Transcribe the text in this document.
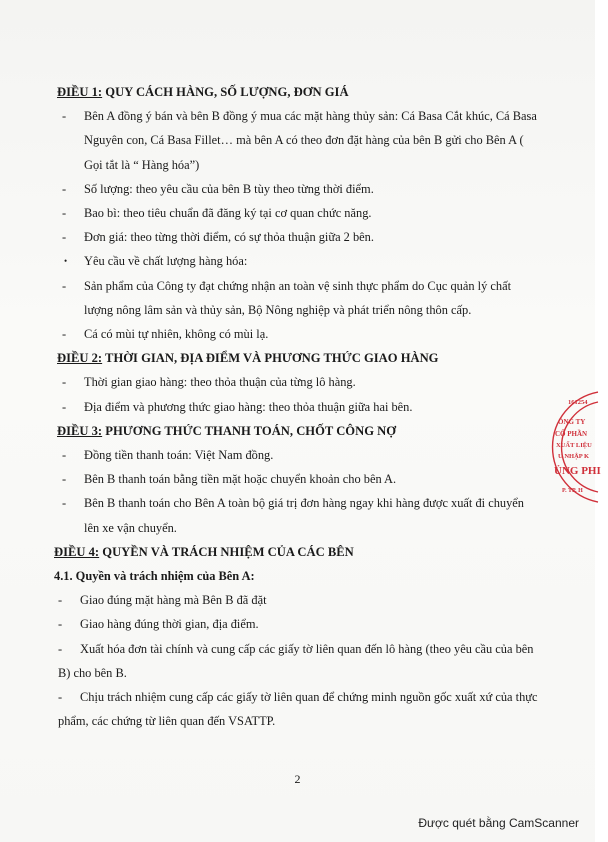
ĐIỀU 1: QUY CÁCH HÀNG, SỐ LƯỢNG, ĐƠN GIÁ
-	Bên A đồng ý bán và bên B đồng ý mua các mặt hàng thủy sản: Cá Basa Cắt khúc, Cá Basa Nguyên con, Cá Basa Fillet… mà bên A có theo đơn đặt hàng của bên B gửi cho Bên A ( Gọi tắt là “ Hàng hóa”)
-	Số lượng: theo yêu cầu của bên B tùy theo từng thời điểm.
-	Bao bì: theo tiêu chuẩn đã đăng ký tại cơ quan chức năng.
-	Đơn giá: theo từng thời điểm, có sự thỏa thuận giữa 2 bên.
•	Yêu cầu về chất lượng hàng hóa:
-	Sản phẩm của Công ty đạt chứng nhận an toàn vệ sinh thực phẩm do Cục quản lý chất lượng nông lâm sản và thủy sản, Bộ Nông nghiệp và phát triển nông thôn cấp.
-	Cá có mùi tự nhiên, không có mùi lạ.
ĐIỀU 2: THỜI GIAN, ĐỊA ĐIỂM VÀ PHƯƠNG THỨC GIAO HÀNG
-	Thời gian giao hàng: theo thỏa thuận của từng lô hàng.
-	Địa điểm và phương thức giao hàng: theo thỏa thuận giữa hai bên.
ĐIỀU 3: PHƯƠNG THỨC THANH TOÁN, CHỐT CÔNG NỢ
-	Đồng tiền thanh toán: Việt Nam đồng.
-	Bên B thanh toán bằng tiền mặt hoặc chuyển khoản cho bên A.
-	Bên B thanh toán cho Bên A toàn bộ giá trị đơn hàng ngay khi hàng được xuất đi chuyển lên xe vận chuyển.
ĐIỀU 4: QUYỀN VÀ TRÁCH NHIỆM CỦA CÁC BÊN
4.1. Quyền và trách nhiệm của Bên A:
-	Giao đúng mặt hàng mà Bên B đã đặt
-	Giao hàng đúng thời gian, địa điểm.
- Xuất hóa đơn tài chính và cung cấp các giấy tờ liên quan đến lô hàng (theo yêu cầu của bên B) cho bên B.
- Chịu trách nhiệm cung cấp các giấy tờ liên quan để chứng minh nguồn gốc xuất xứ của thực phẩm, các chứng từ liên quan đến VSATTP.
161254
ÔNG TY
CỔ PHẦN
XUẤT LIỆU
U NHẬP K
ỦNG PHI
P. TP. H
2
Được quét bằng CamScanner
